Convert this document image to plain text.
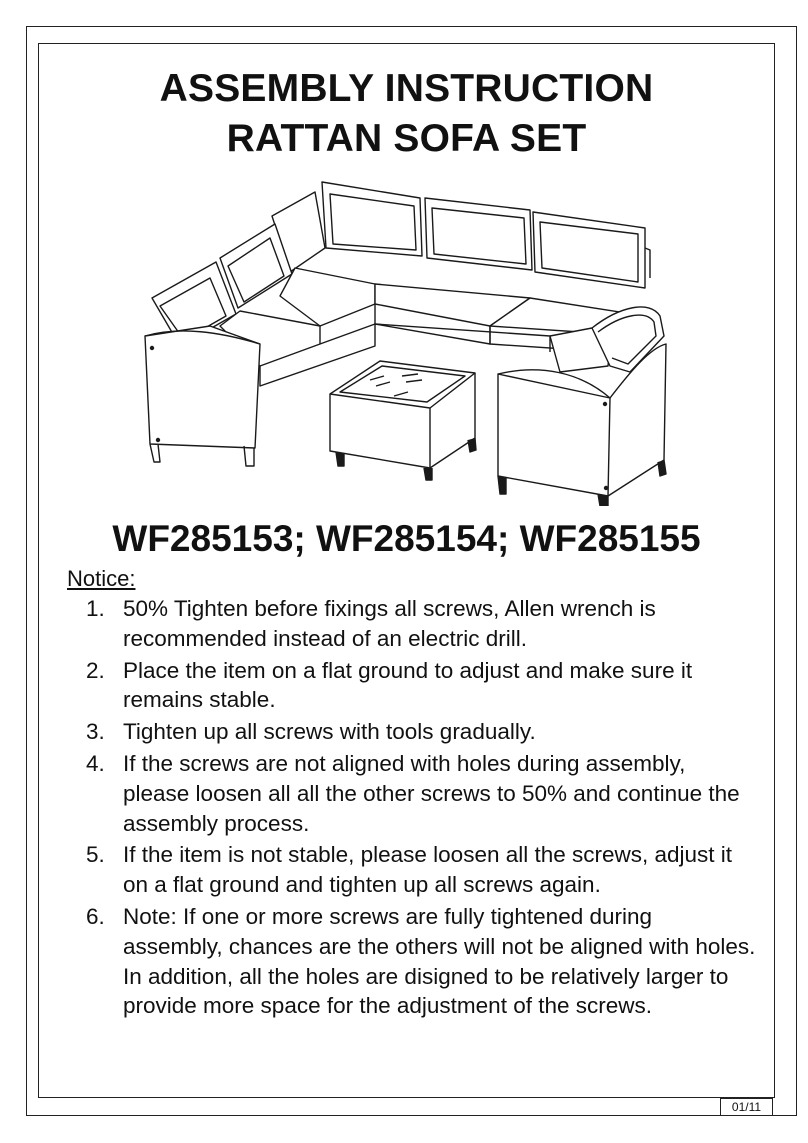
ASSEMBLY INSTRUCTION
RATTAN SOFA SET
WF285153; WF285154; WF285155
Notice:
1. 50% Tighten before fixings all screws, Allen wrench is recommended instead of an electric drill.
2. Place the item on a flat ground to adjust and make sure it remains stable.
3. Tighten up all screws with tools gradually.
4. If the screws are not aligned with holes during assembly, please loosen all all the other screws to 50% and continue the assembly process.
5. If the item is not stable, please loosen all the screws, adjust it on a flat ground and tighten up all screws again.
6. Note: If one or more screws are fully tightened during assembly, chances are the others will not be aligned with holes. In addition, all the holes are disigned to be relatively larger to provide more space for the adjustment of the screws.
01/11
